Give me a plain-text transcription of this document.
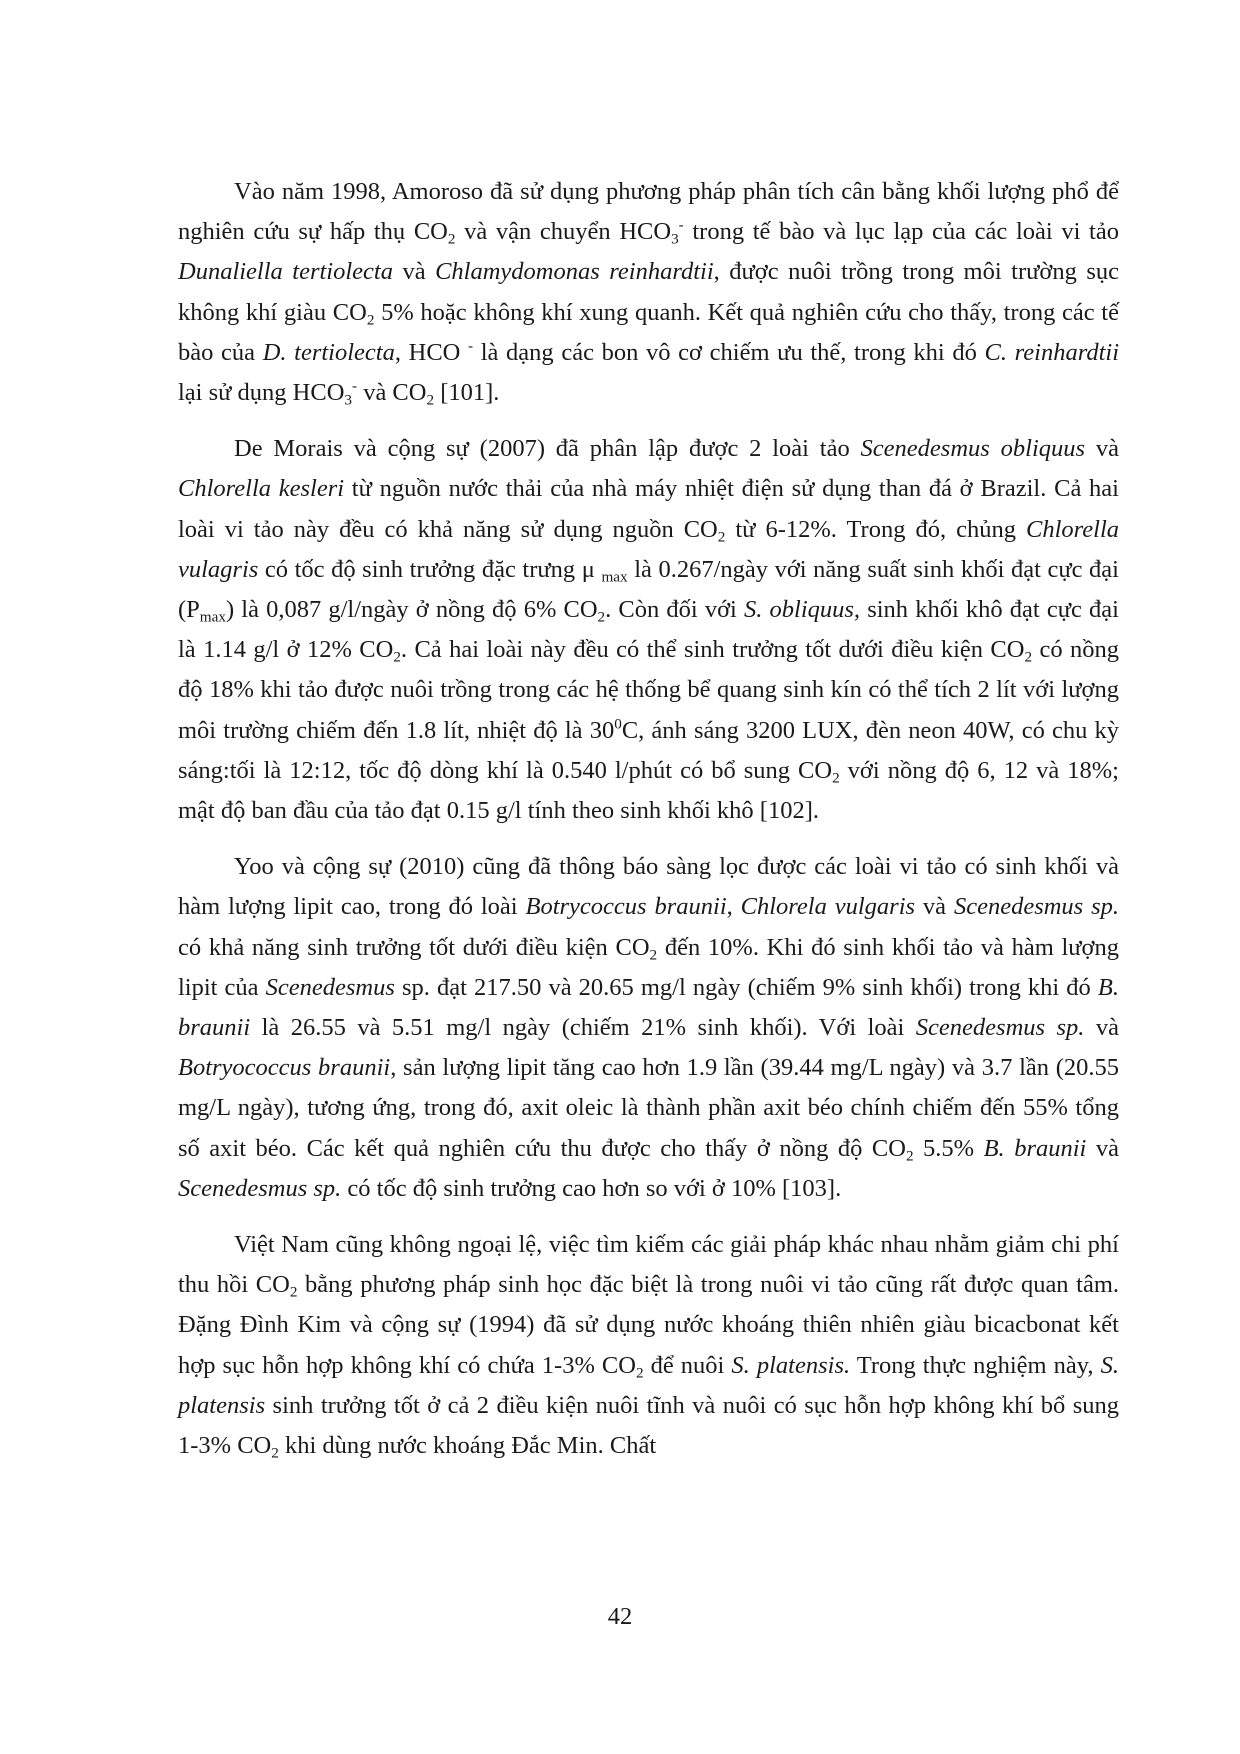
Vào năm 1998, Amoroso đã sử dụng phương pháp phân tích cân bằng khối lượng phổ để nghiên cứu sự hấp thụ $CO_2$ và vận chuyển $HCO_3^-$ trong tế bào và lục lạp của các loài vi tảo Dunaliella tertiolecta và Chlamydomonas reinhardtii, được nuôi trồng trong môi trường sục không khí giàu $CO_2$ 5% hoặc không khí xung quanh. Kết quả nghiên cứu cho thấy, trong các tế bào của D. tertiolecta, HCO - là dạng các bon vô cơ chiếm ưu thế, trong khi đó C. reinhardtii lại sử dụng $HCO_3^-$ và $CO_2$ [101].

De Morais và cộng sự (2007) đã phân lập được 2 loài tảo Scenedesmus obliquus và Chlorella kesleri từ nguồn nước thải của nhà máy nhiệt điện sử dụng than đá ở Brazil. Cả hai loài vi tảo này đều có khả năng sử dụng nguồn $CO_2$ từ 6-12%. Trong đó, chủng Chlorella vulagris có tốc độ sinh trưởng đặc trưng μ $_{max}$ là 0.267/ngày với năng suất sinh khối đạt cực đại $(P_{max})$ là 0,087 g/l/ngày ở nồng độ 6% $CO_2$. Còn đối với S. obliquus, sinh khối khô đạt cực đại là 1.14 g/l ở 12% $CO_2$. Cả hai loài này đều có thể sinh trưởng tốt dưới điều kiện $CO_2$ có nồng độ 18% khi tảo được nuôi trồng trong các hệ thống bể quang sinh kín có thể tích 2 lít với lượng môi trường chiếm đến 1.8 lít, nhiệt độ là $30^0C$, ánh sáng 3200 LUX, đèn neon 40W, có chu kỳ sáng:tối là 12:12, tốc độ dòng khí là 0.540 l/phút có bổ sung $CO_2$ với nồng độ 6, 12 và 18%; mật độ ban đầu của tảo đạt 0.15 g/l tính theo sinh khối khô [102].

Yoo và cộng sự (2010) cũng đã thông báo sàng lọc được các loài vi tảo có sinh khối và hàm lượng lipit cao, trong đó loài Botrycoccus braunii, Chlorela vulgaris và Scenedesmus sp. có khả năng sinh trưởng tốt dưới điều kiện $CO_2$ đến 10%. Khi đó sinh khối tảo và hàm lượng lipit của Scenedesmus sp. đạt 217.50 và 20.65 mg/l ngày (chiếm 9% sinh khối) trong khi đó B. braunii là 26.55 và 5.51 mg/l ngày (chiếm 21% sinh khối). Với loài Scenedesmus sp. và Botryococcus braunii, sản lượng lipit tăng cao hơn 1.9 lần (39.44 mg/L ngày) và 3.7 lần (20.55 mg/L ngày), tương ứng, trong đó, axit oleic là thành phần axit béo chính chiếm đến 55% tổng số axit béo. Các kết quả nghiên cứu thu được cho thấy ở nồng độ $CO_2$ 5.5% B. braunii và Scenedesmus sp. có tốc độ sinh trưởng cao hơn so với ở 10% [103].

Việt Nam cũng không ngoại lệ, việc tìm kiếm các giải pháp khác nhau nhằm giảm chi phí thu hồi $CO_2$ bằng phương pháp sinh học đặc biệt là trong nuôi vi tảo cũng rất được quan tâm. Đặng Đình Kim và cộng sự (1994) đã sử dụng nước khoáng thiên nhiên giàu bicacbonat kết hợp sục hỗn hợp không khí có chứa 1-3% $CO_2$ để nuôi S. platensis. Trong thực nghiệm này, S. platensis sinh trưởng tốt ở cả 2 điều kiện nuôi tĩnh và nuôi có sục hỗn hợp không khí bổ sung 1-3% $CO_2$ khi dùng nước khoáng Đắc Min. Chất

42
